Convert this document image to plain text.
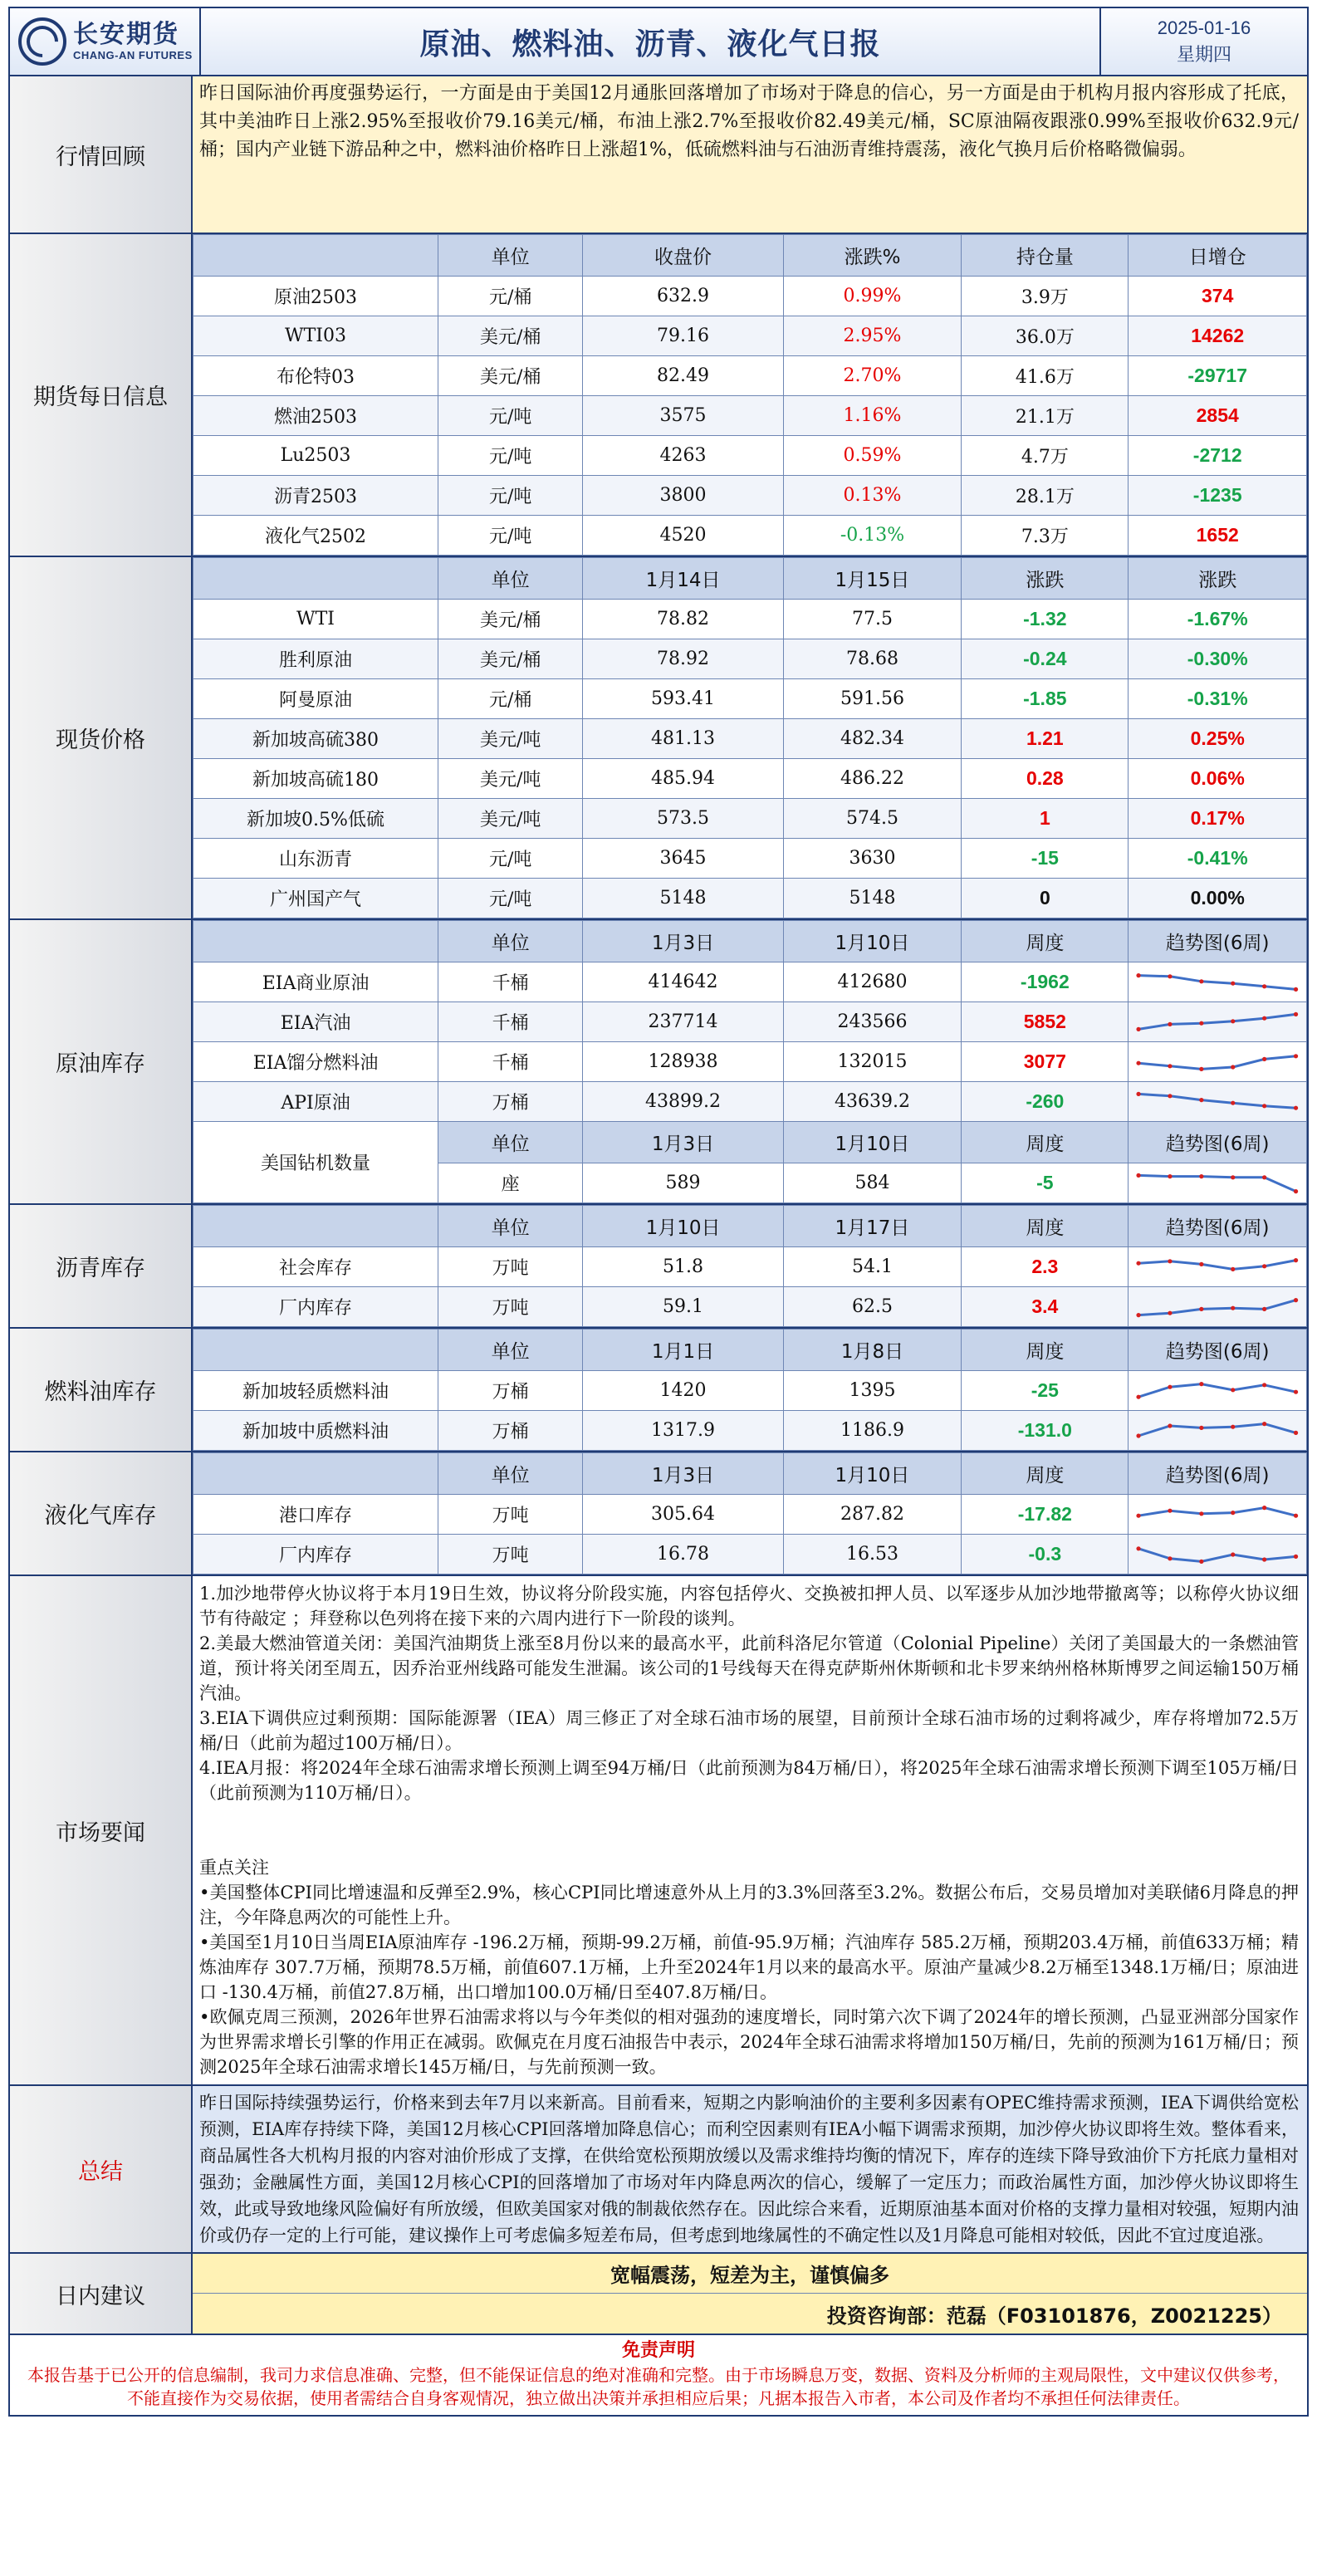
长安期货
CHANG-AN FUTURES	原油、燃料油、沥青、液化气日报	2025-01-16
星期四
行情回顾
昨日国际油价再度强势运行，一方面是由于美国12月通胀回落增加了市场对于降息的信心，另一方面是由于机构月报内容形成了托底，其中美油昨日上涨2.95%至报收价79.16美元/桶，布油上涨2.7%至报收价82.49美元/桶，SC原油隔夜跟涨0.99%至报收价632.9元/桶；国内产业链下游品种之中，燃料油价格昨日上涨超1%，低硫燃料油与石油沥青维持震荡，液化气换月后价格略微偏弱。
期货每日信息
	单位	收盘价	涨跌%	持仓量	日增仓
原油2503	元/桶	632.9	0.99%	3.9万	374
WTI03	美元/桶	79.16	2.95%	36.0万	14262
布伦特03	美元/桶	82.49	2.70%	41.6万	-29717
燃油2503	元/吨	3575	1.16%	21.1万	2854
Lu2503	元/吨	4263	0.59%	4.7万	-2712
沥青2503	元/吨	3800	0.13%	28.1万	-1235
液化气2502	元/吨	4520	-0.13%	7.3万	1652
现货价格
	单位	1月14日	1月15日	涨跌	涨跌
WTI	美元/桶	78.82	77.5	-1.32	-1.67%
胜利原油	美元/桶	78.92	78.68	-0.24	-0.30%
阿曼原油	元/桶	593.41	591.56	-1.85	-0.31%
新加坡高硫380	美元/吨	481.13	482.34	1.21	0.25%
新加坡高硫180	美元/吨	485.94	486.22	0.28	0.06%
新加坡0.5%低硫	美元/吨	573.5	574.5	1	0.17%
山东沥青	元/吨	3645	3630	-15	-0.41%
广州国产气	元/吨	5148	5148	0	0.00%
原油库存
	单位	1月3日	1月10日	周度	趋势图(6周)
EIA商业原油	千桶	414642	412680	-1962	

EIA汽油	千桶	237714	243566	5852	

EIA馏分燃料油	千桶	128938	132015	3077	

API原油	万桶	43899.2	43639.2	-260	

美国钻机数量	单位	1月3日	1月10日	周度	趋势图(6周)
	座	589	584	-5	
沥青库存
	单位	1月10日	1月17日	周度	趋势图(6周)
社会库存	万吨	51.8	54.1	2.3	

厂内库存	万吨	59.1	62.5	3.4	
燃料油库存
	单位	1月1日	1月8日	周度	趋势图(6周)
新加坡轻质燃料油	万桶	1420	1395	-25	

新加坡中质燃料油	万桶	1317.9	1186.9	-131.0	
液化气库存
	单位	1月3日	1月10日	周度	趋势图(6周)
港口库存	万吨	305.64	287.82	-17.82	

厂内库存	万吨	16.78	16.53	-0.3	
市场要闻

1.加沙地带停火协议将于本月19日生效，协议将分阶段实施，内容包括停火、交换被扣押人员、以军逐步从加沙地带撤离等；以称停火协议细节有待敲定 ；拜登称以色列将在接下来的六周内进行下一阶段的谈判。

2.美最大燃油管道关闭：美国汽油期货上涨至8月份以来的最高水平，此前科洛尼尔管道（Colonial Pipeline）关闭了美国最大的一条燃油管道，预计将关闭至周五，因乔治亚州线路可能发生泄漏。该公司的1号线每天在得克萨斯州休斯顿和北卡罗来纳州格林斯博罗之间运输150万桶汽油。

3.EIA下调供应过剩预期：国际能源署（IEA）周三修正了对全球石油市场的展望，目前预计全球石油市场的过剩将减少，库存将增加72.5万桶/日（此前为超过100万桶/日）。

4.IEA月报：将2024年全球石油需求增长预测上调至94万桶/日（此前预测为84万桶/日），将2025年全球石油需求增长预测下调至105万桶/日（此前预测为110万桶/日）。

重点关注

•美国整体CPI同比增速温和反弹至2.9%，核心CPI同比增速意外从上月的3.3%回落至3.2%。数据公布后，交易员增加对美联储6月降息的押注，今年降息两次的可能性上升。

•美国至1月10日当周EIA原油库存 -196.2万桶，预期-99.2万桶，前值-95.9万桶；汽油库存 585.2万桶，预期203.4万桶，前值633万桶；精炼油库存 307.7万桶，预期78.5万桶，前值607.1万桶，上升至2024年1月以来的最高水平。原油产量减少8.2万桶至1348.1万桶/日；原油进口 -130.4万桶，前值27.8万桶，出口增加100.0万桶/日至407.8万桶/日。

•欧佩克周三预测，2026年世界石油需求将以与今年类似的相对强劲的速度增长，同时第六次下调了2024年的增长预测，凸显亚洲部分国家作为世界需求增长引擎的作用正在减弱。欧佩克在月度石油报告中表示，2024年全球石油需求将增加150万桶/日，先前的预测为161万桶/日；预测2025年全球石油需求增长145万桶/日，与先前预测一致。

总结
昨日国际持续强势运行，价格来到去年7月以来新高。目前看来，短期之内影响油价的主要利多因素有OPEC维持需求预测，IEA下调供给宽松预测，EIA库存持续下降，美国12月核心CPI回落增加降息信心；而利空因素则有IEA小幅下调需求预期，加沙停火协议即将生效。整体看来，商品属性各大机构月报的内容对油价形成了支撑，在供给宽松预期放缓以及需求维持均衡的情况下，库存的连续下降导致油价下方托底力量相对强劲；金融属性方面，美国12月核心CPI的回落增加了市场对年内降息两次的信心，缓解了一定压力；而政治属性方面，加沙停火协议即将生效，此或导致地缘风险偏好有所放缓，但欧美国家对俄的制裁依然存在。因此综合来看，近期原油基本面对价格的支撑力量相对较强，短期内油价或仍存一定的上行可能，建议操作上可考虑偏多短差布局，但考虑到地缘属性的不确定性以及1月降息可能相对较低，因此不宜过度追涨。
日内建议
宽幅震荡，短差为主，谨慎偏多
投资咨询部：范磊（F03101876，Z0021225）
免责声明
本报告基于已公开的信息编制，我司力求信息准确、完整，但不能保证信息的绝对准确和完整。由于市场瞬息万变，数据、资料及分析师的主观局限性，文中建议仅供参考，不能直接作为交易依据，使用者需结合自身客观情况，独立做出决策并承担相应后果；凡据本报告入市者，本公司及作者均不承担任何法律责任。
